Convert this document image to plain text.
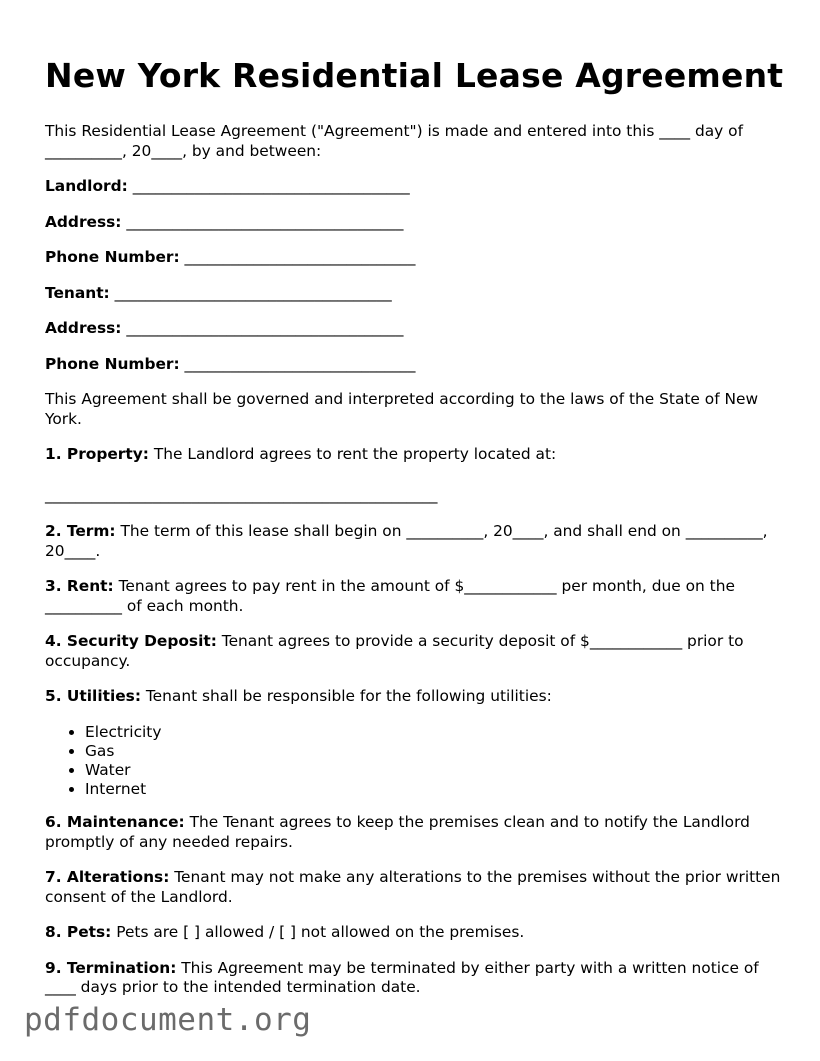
New York Residential Lease Agreement

This Residential Lease Agreement ("Agreement") is made and entered into this ____ day of __________, 20____, by and between:

Landlord: ____________________________________

Address: ____________________________________

Phone Number: ______________________________

Tenant: ____________________________________

Address: ____________________________________

Phone Number: ______________________________

This Agreement shall be governed and interpreted according to the laws of the State of New York.

1. Property: The Landlord agrees to rent the property located at:

___________________________________________________

2. Term: The term of this lease shall begin on __________, 20____, and shall end on __________, 20____.

3. Rent: Tenant agrees to pay rent in the amount of $____________ per month, due on the __________ of each month.

4. Security Deposit: Tenant agrees to provide a security deposit of $____________ prior to occupancy.

5. Utilities: Tenant shall be responsible for the following utilities:

• Electricity
• Gas
• Water
• Internet

6. Maintenance: The Tenant agrees to keep the premises clean and to notify the Landlord promptly of any needed repairs.

7. Alterations: Tenant may not make any alterations to the premises without the prior written consent of the Landlord.

8. Pets: Pets are [ ] allowed / [ ] not allowed on the premises.

9. Termination: This Agreement may be terminated by either party with a written notice of ____ days prior to the intended termination date.

pdfdocument.org
